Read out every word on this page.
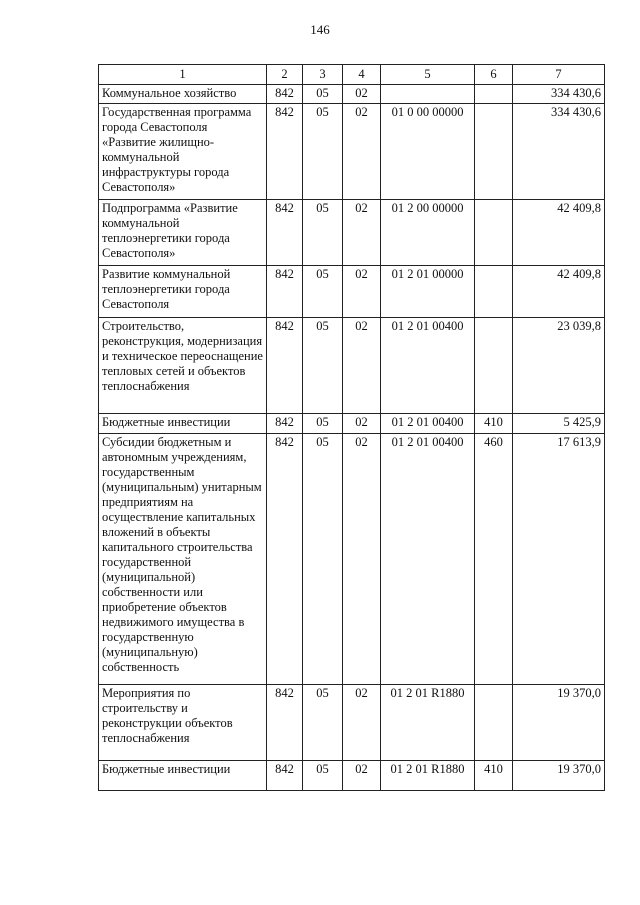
146
1	2	3	4	5	6	7
Коммунальное хозяйство	842	05	02			334 430,6
Государственная программа города Севастополя «Развитие жилищно-коммунальной инфраструктуры города Севастополя»	842	05	02	01 0 00 00000		334 430,6
Подпрограмма «Развитие коммунальной теплоэнергетики города Севастополя»	842	05	02	01 2 00 00000		42 409,8
Развитие коммунальной теплоэнергетики города Севастополя	842	05	02	01 2 01 00000		42 409,8
Строительство, реконструкция, модернизация и техническое переоснащение тепловых сетей и объектов теплоснабжения	842	05	02	01 2 01 00400		23 039,8
Бюджетные инвестиции	842	05	02	01 2 01 00400	410	5 425,9
Субсидии бюджетным и автономным учреждениям, государственным (муниципальным) унитарным предприятиям на осуществление капитальных вложений в объекты капитального строительства государственной (муниципальной) собственности или приобретение объектов недвижимого имущества в государственную (муниципальную) собственность	842	05	02	01 2 01 00400	460	17 613,9
Мероприятия по строительству и реконструкции объектов теплоснабжения	842	05	02	01 2 01 R1880		19 370,0
Бюджетные инвестиции	842	05	02	01 2 01 R1880	410	19 370,0
